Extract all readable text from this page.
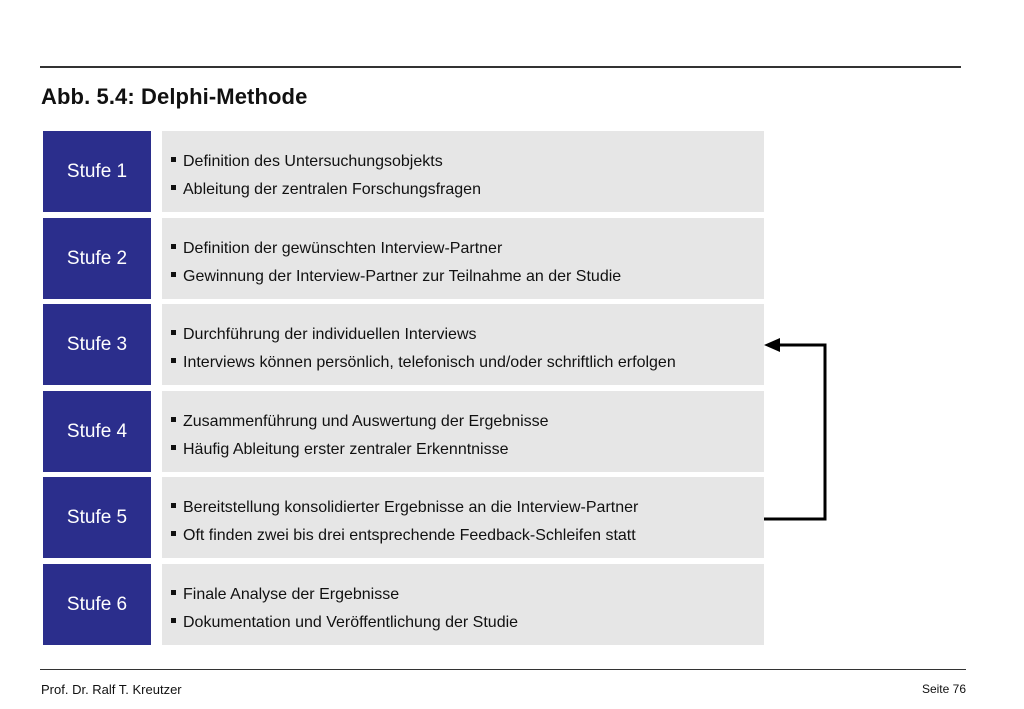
Abb. 5.4: Delphi-Methode
Stufe 1	Definition des Untersuchungsobjekts
Ableitung der zentralen Forschungsfragen
Stufe 2	Definition der gewünschten Interview-Partner
Gewinnung der Interview-Partner zur Teilnahme an der Studie
Stufe 3	Durchführung der individuellen Interviews
Interviews können persönlich, telefonisch und/oder schriftlich erfolgen
Stufe 4	Zusammenführung und Auswertung der Ergebnisse
Häufig Ableitung erster zentraler Erkenntnisse
Stufe 5	Bereitstellung konsolidierter Ergebnisse an die Interview-Partner
Oft finden zwei bis drei entsprechende Feedback-Schleifen statt
Stufe 6	Finale Analyse der Ergebnisse
Dokumentation und Veröffentlichung der Studie
Prof. Dr. Ralf T. Kreutzer	Seite 76
